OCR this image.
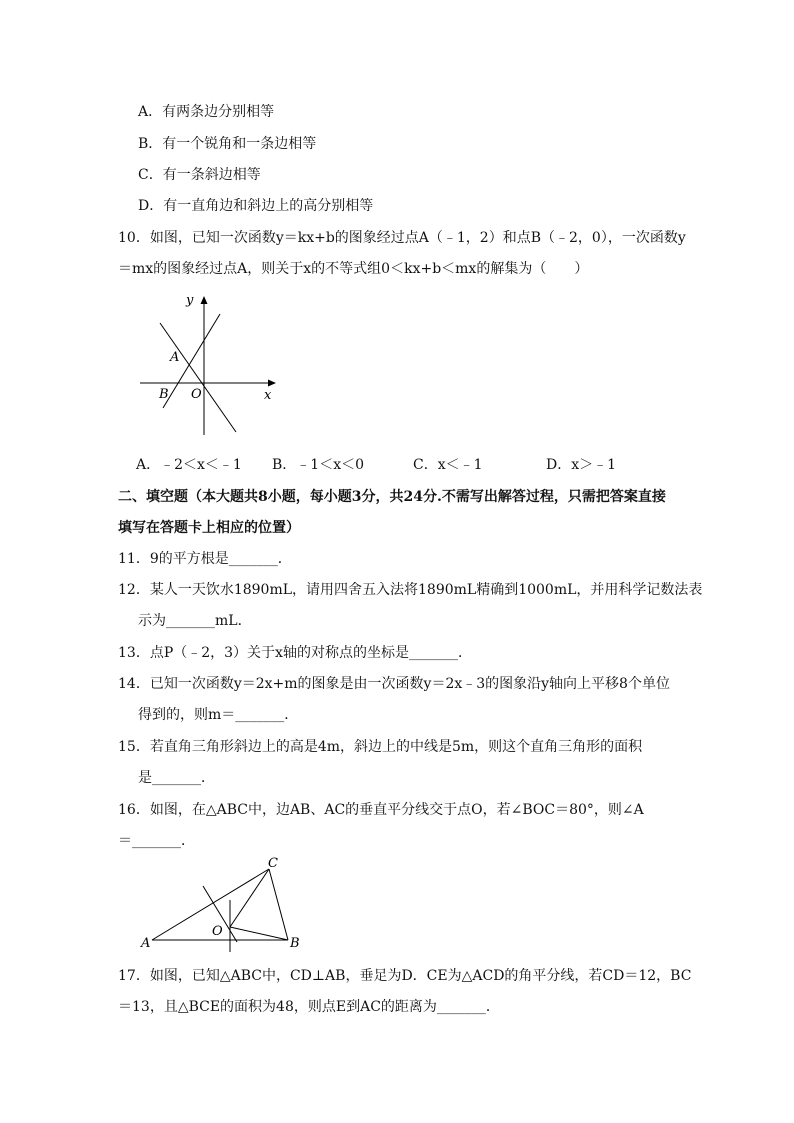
A．有两条边分别相等
B．有一个锐角和一条边相等
C．有一条斜边相等
D．有一直角边和斜边上的高分别相等
10．如图，已知一次函数y＝kx+b的图象经过点A（﹣1，2）和点B（﹣2，0），一次函数y
＝mx的图象经过点A，则关于x的不等式组0＜kx+b＜mx的解集为（　　）
y
x
A
B O
A．﹣2＜x＜﹣1 B．﹣1＜x＜0	C．x＜﹣1	D．x＞﹣1
二、填空题（本大题共8小题，每小题3分，共24分.不需写出解答过程，只需把答案直接
填写在答题卡上相应的位置）
11．9的平方根是_______．
12．某人一天饮水1890mL，请用四舍五入法将1890mL精确到1000mL，并用科学记数法表
示为_______mL．
13．点P（﹣2，3）关于x轴的对称点的坐标是_______．
14．已知一次函数y＝2x+m的图象是由一次函数y＝2x﹣3的图象沿y轴向上平移8个单位
得到的，则m＝_______．
15．若直角三角形斜边上的高是4m，斜边上的中线是5m，则这个直角三角形的面积
是_______．
16．如图，在△ABC中，边AB、AC的垂直平分线交于点O，若∠BOC＝80°，则∠A
＝_______．
A	B
C
O
17．如图，已知△ABC中，CD⊥AB，垂足为D．CE为△ACD的角平分线，若CD＝12，BC
＝13，且△BCE的面积为48，则点E到AC的距离为_______．
